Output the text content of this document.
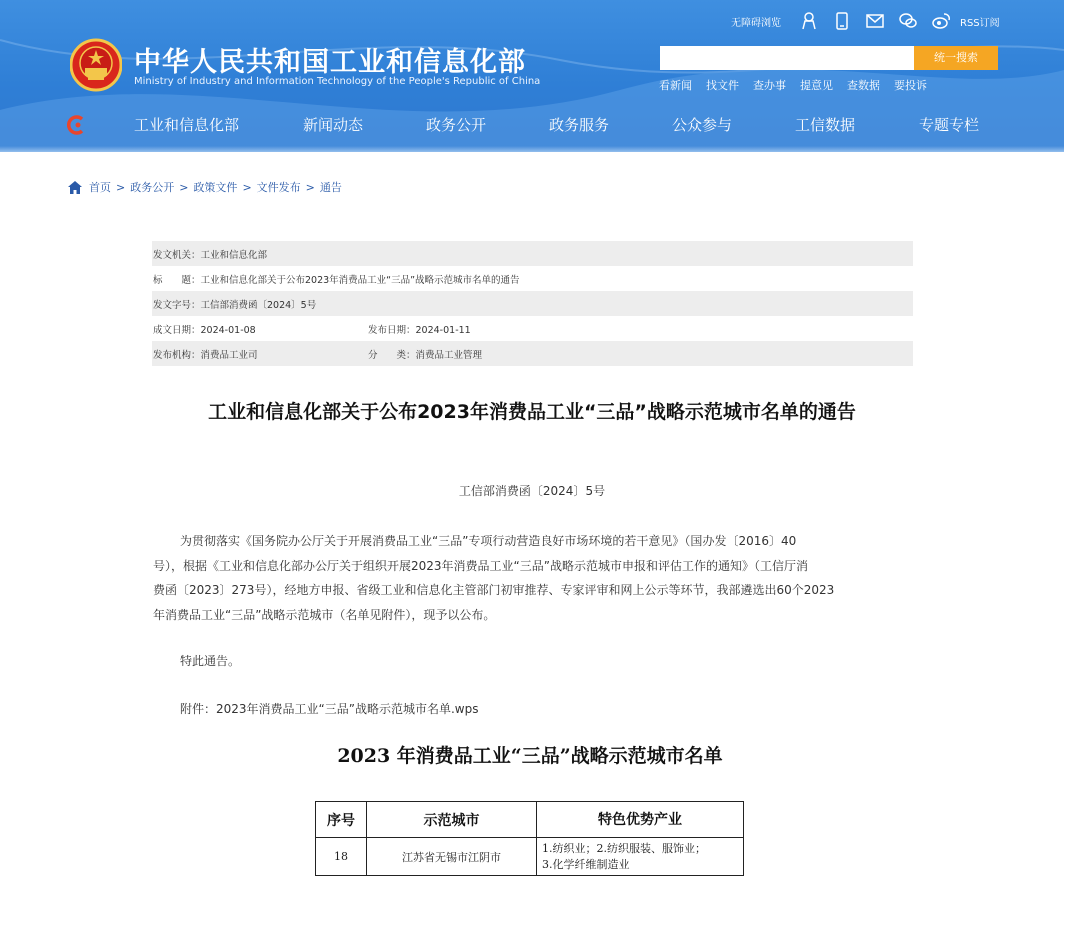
中华人民共和国工业和信息化部
Ministry of Industry and Information Technology of the People's Republic of China
无障碍浏览	RSS订阅
统一搜索
看新闻 找文件 查办事 提意见 查数据 要投诉
工业和信息化部	新闻动态	政务公开	政务服务	公众参与	工信数据	专题专栏
首页 > 政务公开 > 政策文件 > 文件发布 > 通告
发文机关：工业和信息化部
标　　题：工业和信息化部关于公布2023年消费品工业“三品”战略示范城市名单的通告
发文字号：工信部消费函〔2024〕5号
成文日期：2024-01-08	发布日期：2024-01-11
发布机构：消费品工业司	分　　类：消费品工业管理
工业和信息化部关于公布2023年消费品工业“三品”战略示范城市名单的通告
工信部消费函〔2024〕5号
为贯彻落实《国务院办公厅关于开展消费品工业“三品”专项行动营造良好市场环境的若干意见》（国办发〔2016〕40
号），根据《工业和信息化部办公厅关于组织开展2023年消费品工业“三品”战略示范城市申报和评估工作的通知》（工信厅消
费函〔2023〕273号），经地方申报、省级工业和信息化主管部门初审推荐、专家评审和网上公示等环节，我部遴选出60个2023
年消费品工业“三品”战略示范城市（名单见附件），现予以公布。
特此通告。
附件：2023年消费品工业“三品”战略示范城市名单.wps
2023 年消费品工业“三品”战略示范城市名单
序号	示范城市	特色优势产业
18	江苏省无锡市江阴市	1.纺织业；2.纺织服装、服饰业；
3.化学纤维制造业
